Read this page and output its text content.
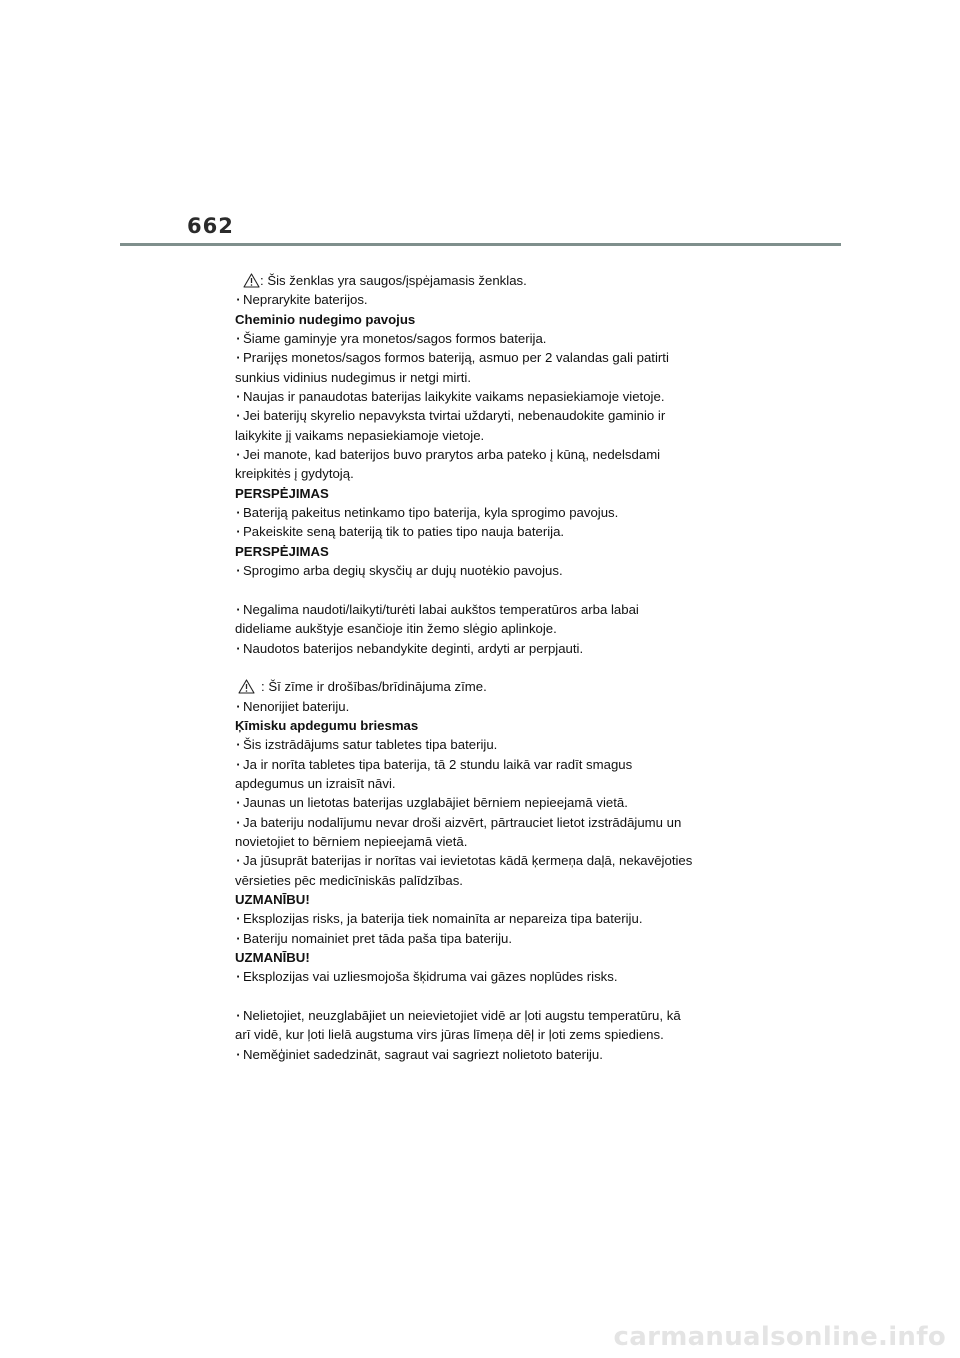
662
: Šis ženklas yra saugos/įspėjamasis ženklas.
· Neprarykite baterijos.
Cheminio nudegimo pavojus
· Šiame gaminyje yra monetos/sagos formos baterija.
· Prarijęs monetos/sagos formos bateriją, asmuo per 2 valandas gali patirti
sunkius vidinius nudegimus ir netgi mirti.
· Naujas ir panaudotas baterijas laikykite vaikams nepasiekiamoje vietoje.
· Jei baterijų skyrelio nepavyksta tvirtai uždaryti, nebenaudokite gaminio ir
laikykite jį vaikams nepasiekiamoje vietoje.
· Jei manote, kad baterijos buvo prarytos arba pateko į kūną, nedelsdami
kreipkitės į gydytoją.
PERSPĖJIMAS
· Bateriją pakeitus netinkamo tipo baterija, kyla sprogimo pavojus.
· Pakeiskite seną bateriją tik to paties tipo nauja baterija.
PERSPĖJIMAS
· Sprogimo arba degių skysčių ar dujų nuotėkio pavojus.
· Negalima naudoti/laikyti/turėti labai aukštos temperatūros arba labai
dideliame aukštyje esančioje itin žemo slėgio aplinkoje.
· Naudotos baterijos nebandykite deginti, ardyti ar perpjauti.
: Šī zīme ir drošības/brīdinājuma zīme.
· Nenorijiet bateriju.
Ķīmisku apdegumu briesmas
· Šis izstrādājums satur tabletes tipa bateriju.
· Ja ir norīta tabletes tipa baterija, tā 2 stundu laikā var radīt smagus
apdegumus un izraisīt nāvi.
· Jaunas un lietotas baterijas uzglabājiet bērniem nepieejamā vietā.
· Ja bateriju nodalījumu nevar droši aizvērt, pārtrauciet lietot izstrādājumu un
novietojiet to bērniem nepieejamā vietā.
· Ja jūsuprāt baterijas ir norītas vai ievietotas kādā ķermeņa daļā, nekavējoties
vērsieties pēc medicīniskās palīdzības.
UZMANĪBU!
· Eksplozijas risks, ja baterija tiek nomainīta ar nepareiza tipa bateriju.
· Bateriju nomainiet pret tāda paša tipa bateriju.
UZMANĪBU!
· Eksplozijas vai uzliesmojoša šķidruma vai gāzes noplūdes risks.
· Nelietojiet, neuzglabājiet un neievietojiet vidē ar ļoti augstu temperatūru, kā
arī vidē, kur ļoti lielā augstuma virs jūras līmeņa dēļ ir ļoti zems spiediens.
· Neměģiniet sadedzināt, sagraut vai sagriezt nolietoto bateriju.
carmanualsonline.info
